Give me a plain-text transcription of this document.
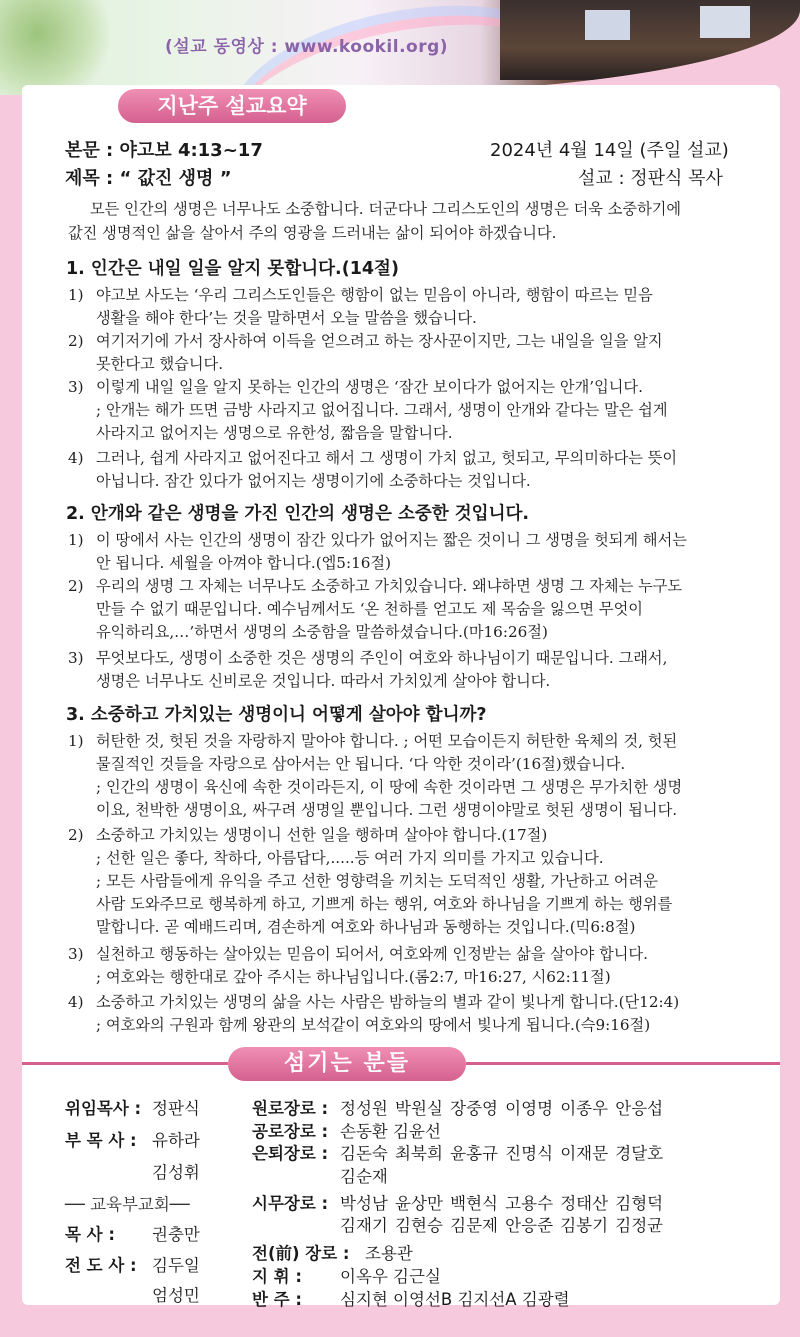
(설교 동영상 : www.kookil.org)
지난주 설교요약
본문 : 야고보 4:13~17	2024년 4월 14일 (주일 설교)
제목 : “ 값진 생명 ”	설교 : 정판식 목사
모든 인간의 생명은 너무나도 소중합니다. 더군다나 그리스도인의 생명은 더욱 소중하기에
값진 생명적인 삶을 살아서 주의 영광을 드러내는 삶이 되어야 하겠습니다.
1. 인간은 내일 일을 알지 못합니다.(14절)
1) 야고보 사도는 ‘우리 그리스도인들은 행함이 없는 믿음이 아니라, 행함이 따르는 믿음
생활을 해야 한다’는 것을 말하면서 오늘 말씀을 했습니다.
2) 여기저기에 가서 장사하여 이득을 얻으려고 하는 장사꾼이지만, 그는 내일을 일을 알지
못한다고 했습니다.
3) 이렇게 내일 일을 알지 못하는 인간의 생명은 ‘잠간 보이다가 없어지는 안개’입니다.
; 안개는 해가 뜨면 금방 사라지고 없어집니다. 그래서, 생명이 안개와 같다는 말은 쉽게
사라지고 없어지는 생명으로 유한성, 짧음을 말합니다.
4) 그러나, 쉽게 사라지고 없어진다고 해서 그 생명이 가치 없고, 헛되고, 무의미하다는 뜻이
아닙니다. 잠간 있다가 없어지는 생명이기에 소중하다는 것입니다.
2. 안개와 같은 생명을 가진 인간의 생명은 소중한 것입니다.
1) 이 땅에서 사는 인간의 생명이 잠간 있다가 없어지는 짧은 것이니 그 생명을 헛되게 해서는
안 됩니다. 세월을 아껴야 합니다.(엡5:16절)
2) 우리의 생명 그 자체는 너무나도 소중하고 가치있습니다. 왜냐하면 생명 그 자체는 누구도
만들 수 없기 때문입니다. 예수님께서도 ‘온 천하를 얻고도 제 목숨을 잃으면 무엇이
유익하리요,…’하면서 생명의 소중함을 말씀하셨습니다.(마16:26절)
3) 무엇보다도, 생명이 소중한 것은 생명의 주인이 여호와 하나님이기 때문입니다. 그래서,
생명은 너무나도 신비로운 것입니다. 따라서 가치있게 살아야 합니다.
3. 소중하고 가치있는 생명이니 어떻게 살아야 합니까?
1) 허탄한 것, 헛된 것을 자랑하지 말아야 합니다. ; 어떤 모습이든지 허탄한 육체의 것, 헛된
물질적인 것들을 자랑으로 삼아서는 안 됩니다. ‘다 악한 것이라’(16절)했습니다.
; 인간의 생명이 육신에 속한 것이라든지, 이 땅에 속한 것이라면 그 생명은 무가치한 생명
이요, 천박한 생명이요, 싸구려 생명일 뿐입니다. 그런 생명이야말로 헛된 생명이 됩니다.
2) 소중하고 가치있는 생명이니 선한 일을 행하며 살아야 합니다.(17절)
; 선한 일은 좋다, 착하다, 아름답다,.....등 여러 가지 의미를 가지고 있습니다.
; 모든 사람들에게 유익을 주고 선한 영향력을 끼치는 도덕적인 생활, 가난하고 어려운
사람 도와주므로 행복하게 하고, 기쁘게 하는 행위, 여호와 하나님을 기쁘게 하는 행위를
말합니다. 곧 예배드리며, 겸손하게 여호와 하나님과 동행하는 것입니다.(믹6:8절)
3) 실천하고 행동하는 살아있는 믿음이 되어서, 여호와께 인정받는 삶을 살아야 합니다.
; 여호와는 행한대로 갚아 주시는 하나님입니다.(롬2:7, 마16:27, 시62:11절)
4) 소중하고 가치있는 생명의 삶을 사는 사람은 밤하늘의 별과 같이 빛나게 합니다.(단12:4)
; 여호와의 구원과 함께 왕관의 보석같이 여호와의 땅에서 빛나게 됩니다.(슥9:16절)
섬기는 분들
위임목사 : 정판식
부 목 사 : 유하라
김성휘
── 교육부교회──
목 사 : 권충만
전 도 사 : 김두일
엄성민
원로장로 : 정성원 박원실 장중영 이영명 이종우 안응섭
공로장로 : 손동환 김윤선
은퇴장로 : 김돈숙 최북희 윤홍규 진명식 이재문 경달호
김순재
시무장로 : 박성남 윤상만 백현식 고용수 정태산 김형덕
김재기 김현승 김문제 안응준 김봉기 김정균
전(前) 장로 : 조용관
지 휘 : 이옥우 김근실
반 주 : 심지현 이영선B 김지선A 김광렬
